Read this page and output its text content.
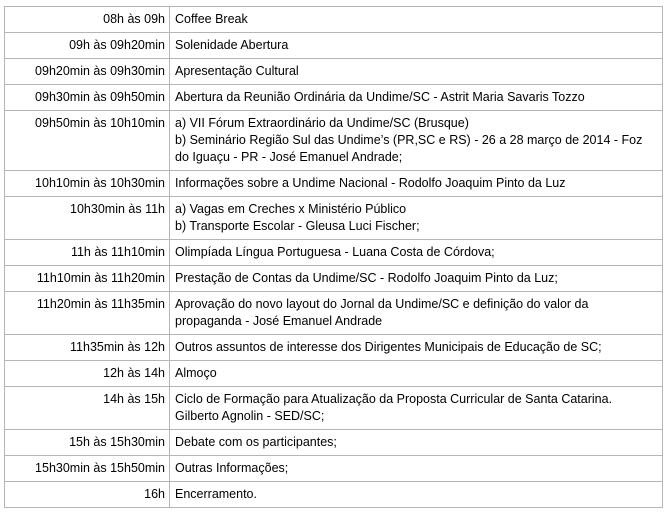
08h às 09h	Coffee Break

09h às 09h20min	Solenidade Abertura

09h20min às 09h30min	Apresentação Cultural

09h30min às 09h50min	Abertura da Reunião Ordinária da Undime/SC - Astrit Maria Savaris Tozzo

09h50min às 10h10min	a) VII Fórum Extraordinário da Undime/SC (Brusque)
b) Seminário Região Sul das Undime’s (PR,SC e RS) - 26 a 28 março de 2014 - Foz do Iguaçu - PR - José Emanuel Andrade;

10h10min às 10h30min	Informações sobre a Undime Nacional - Rodolfo Joaquim Pinto da Luz

10h30min às 11h	a) Vagas em Creches x Ministério Público
b) Transporte Escolar - Gleusa Luci Fischer;

11h às 11h10min	Olimpíada Língua Portuguesa - Luana Costa de Córdova;

11h10min às 11h20min	Prestação de Contas da Undime/SC - Rodolfo Joaquim Pinto da Luz;

11h20min às 11h35min	Aprovação do novo layout do Jornal da Undime/SC e definição do valor da propaganda - José Emanuel Andrade

11h35min às 12h	Outros assuntos de interesse dos Dirigentes Municipais de Educação de SC;

12h às 14h	Almoço

14h às 15h	Ciclo de Formação para Atualização da Proposta Curricular de Santa Catarina.
Gilberto Agnolin - SED/SC;

15h às 15h30min	Debate com os participantes;

15h30min às 15h50min	Outras Informações;

16h	Encerramento.
